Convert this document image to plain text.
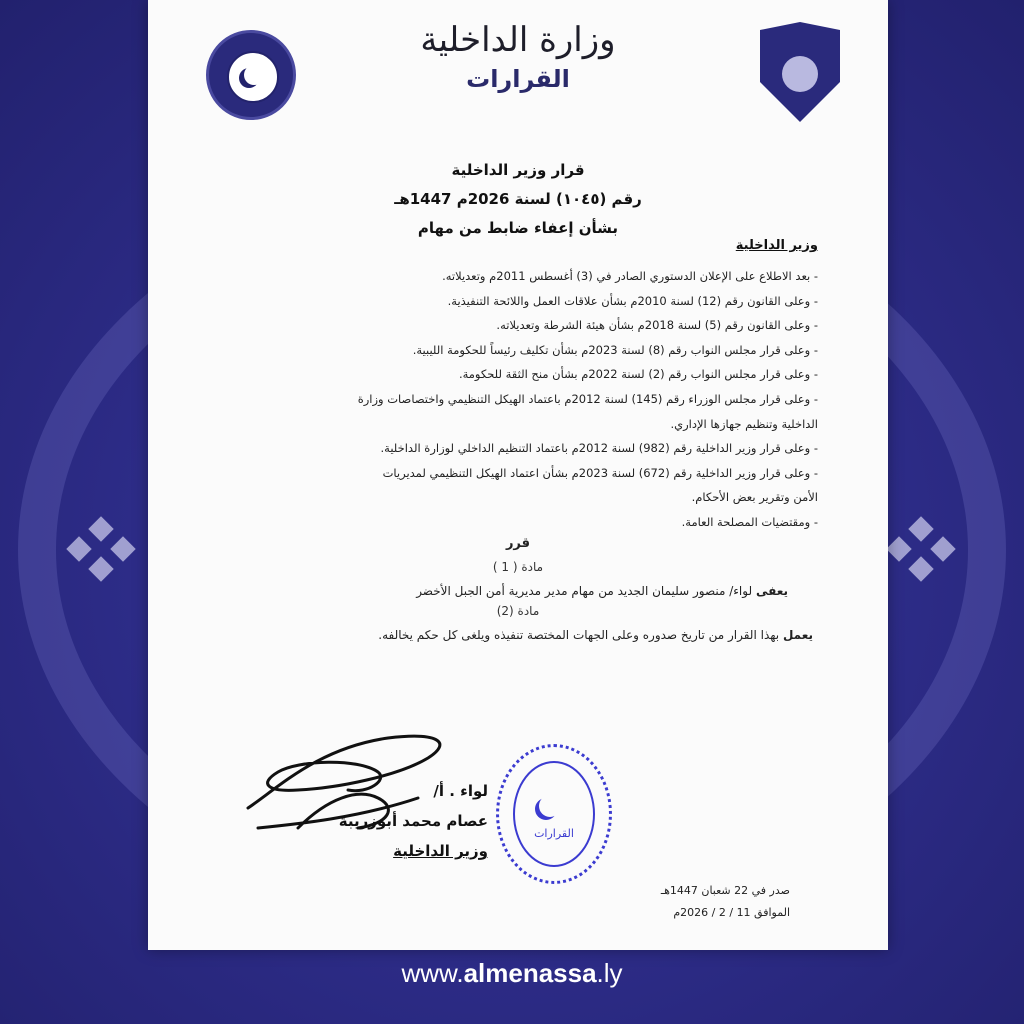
وزارة الداخلية
القرارات
قرار وزير الداخلية
رقم (١٠٤٥) لسنة 2026م 1447هـ
بشأن إعفاء ضابط من مهام
وزير الداخلية

- بعد الاطلاع على الإعلان الدستوري الصادر في (3) أغسطس 2011م وتعديلاته.

- وعلى القانون رقم (12) لسنة 2010م بشأن علاقات العمل واللائحة التنفيذية.

- وعلى القانون رقم (5) لسنة 2018م بشأن هيئة الشرطة وتعديلاته.

- وعلى قرار مجلس النواب رقم (8) لسنة 2023م بشأن تكليف رئيساً للحكومة الليبية.

- وعلى قرار مجلس النواب رقم (2) لسنة 2022م بشأن منح الثقة للحكومة.

- وعلى قرار مجلس الوزراء رقم (145) لسنة 2012م باعتماد الهيكل التنظيمي واختصاصات وزارة

الداخلية وتنظيم جهازها الإداري.

- وعلى قرار وزير الداخلية رقم (982) لسنة 2012م باعتماد التنظيم الداخلي لوزارة الداخلية.

- وعلى قرار وزير الداخلية رقم (672) لسنة 2023م بشأن اعتماد الهيكل التنظيمي لمديريات

الأمن وتقرير بعض الأحكام.

- ومقتضيات المصلحة العامة.

قرر
مادة ( 1 )
يعفى لواء/ منصور سليمان الجديد من مهام مدير مديرية أمن الجبل الأخضر
مادة (2)
يعمل بهذا القرار من تاريخ صدوره وعلى الجهات المختصة تنفيذه ويلغى كل حكم يخالفه.
لواء . أ/
عصام محمد أبوزريبة
وزير الداخلية
القرارات
صدر في 22 شعبان 1447هـ
الموافق 11 / 2 / 2026م
www.almenassa.ly
